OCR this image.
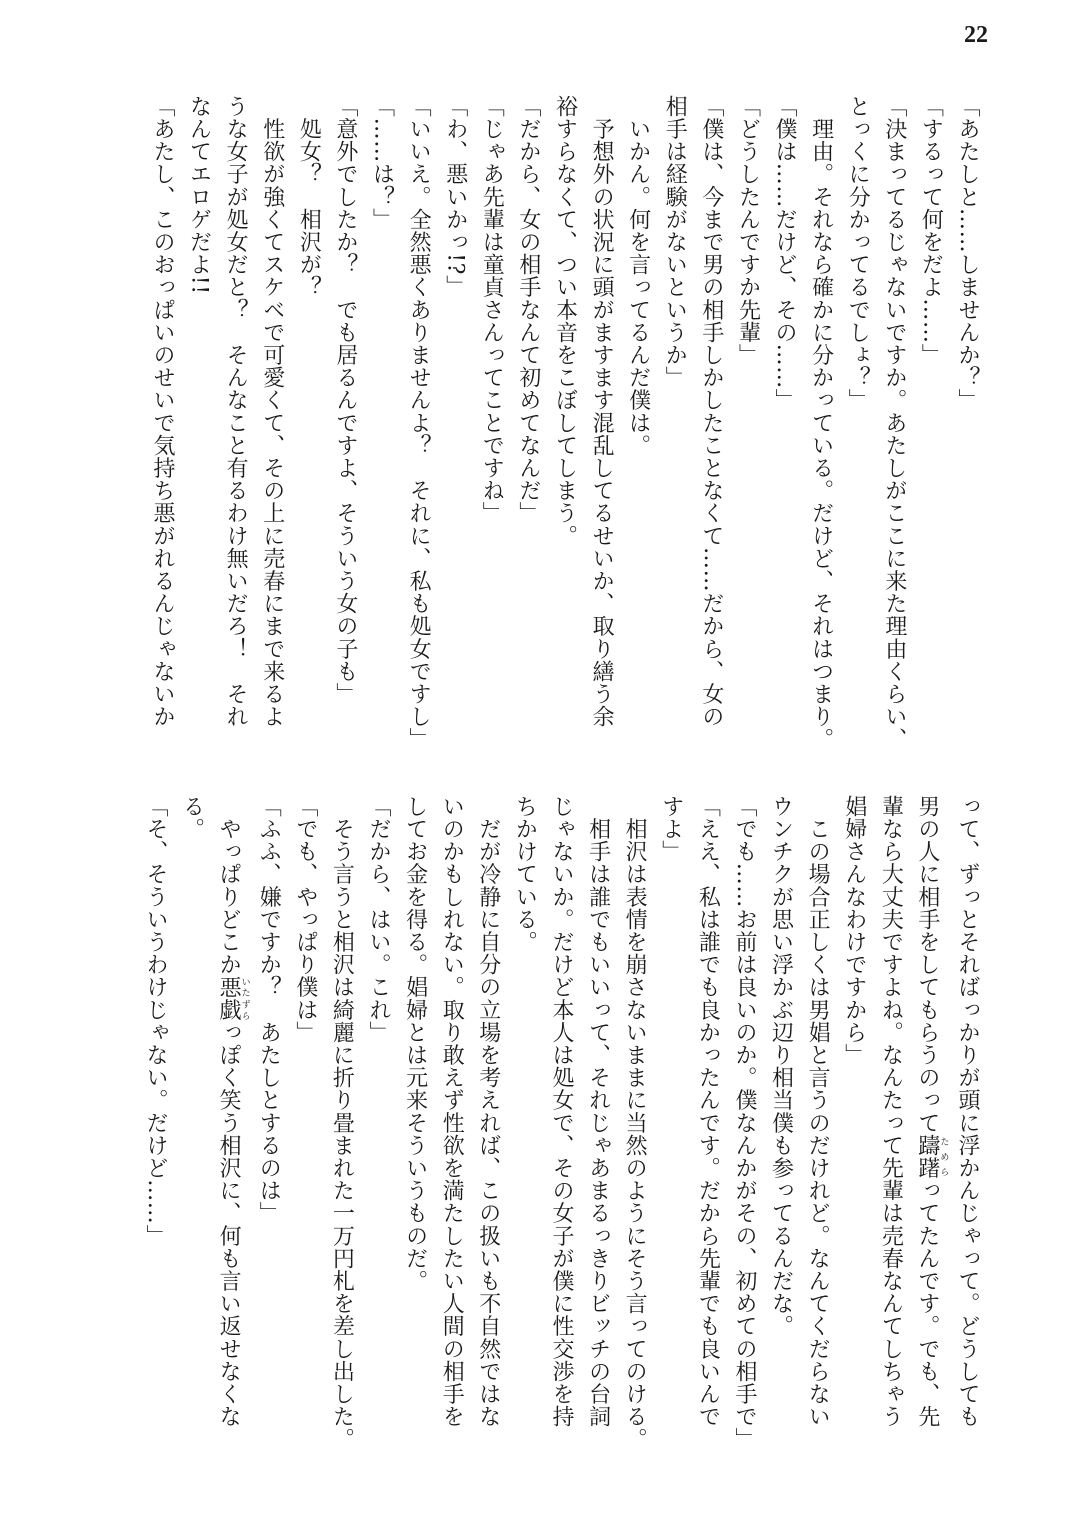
22
「あたしと……しませんか？」
「するって何をだよ……」
「決まってるじゃないですか。あたしがここに来た理由くらい、
とっくに分かってるでしょ？」
　理由。それなら確かに分かっている。だけど、それはつまり。
「僕は……だけど、その……」
「どうしたんですか先輩」
「僕は、今まで男の相手しかしたことなくて……だから、女の
相手は経験がないというか」
　いかん。何を言ってるんだ僕は。
　予想外の状況に頭がますます混乱してるせいか、取り繕う余
裕すらなくて、つい本音をこぼしてしまう。
「だから、女の相手なんて初めてなんだ」
「じゃあ先輩は童貞さんってことですね」
「わ、悪いかっ!?」
「いいえ。全然悪くありませんよ？　それに、私も処女ですし」
「……は？」
「意外でしたか？　でも居るんですよ、そういう女の子も」
　処女？　相沢が？
　性欲が強くてスケベで可愛くて、その上に売春にまで来るよ
うな女子が処女だと？　そんなこと有るわけ無いだろ！　それ
なんてエロゲだよ!!
「あたし、このおっぱいのせいで気持ち悪がれるんじゃないか
って、ずっとそればっかりが頭に浮かんじゃって。どうしても
男の人に相手をしてもらうのって躊躇ためらってたんです。でも、先
輩なら大丈夫ですよね。なんたって先輩は売春なんてしちゃう
娼婦さんなわけですから」
　この場合正しくは男娼と言うのだけれど。なんてくだらない
ウンチクが思い浮かぶ辺り相当僕も参ってるんだな。
「でも……お前は良いのか。僕なんかがその、初めての相手で」
「ええ、私は誰でも良かったんです。だから先輩でも良いんで
すよ」
　相沢は表情を崩さないままに当然のようにそう言ってのける。
　相手は誰でもいいって、それじゃあまるっきりビッチの台詞
じゃないか。だけど本人は処女で、その女子が僕に性交渉を持
ちかけている。
　だが冷静に自分の立場を考えれば、この扱いも不自然ではな
いのかもしれない。取り敢えず性欲を満たしたい人間の相手を
してお金を得る。娼婦とは元来そういうものだ。
「だから、はい。これ」
　そう言うと相沢は綺麗に折り畳まれた一万円札を差し出した。
「でも、やっぱり僕は」
「ふふ、嫌ですか？　あたしとするのは」
　やっぱりどこか悪戯いたずらっぽく笑う相沢に、何も言い返せなくな
る。
「そ、そういうわけじゃない。だけど……」
